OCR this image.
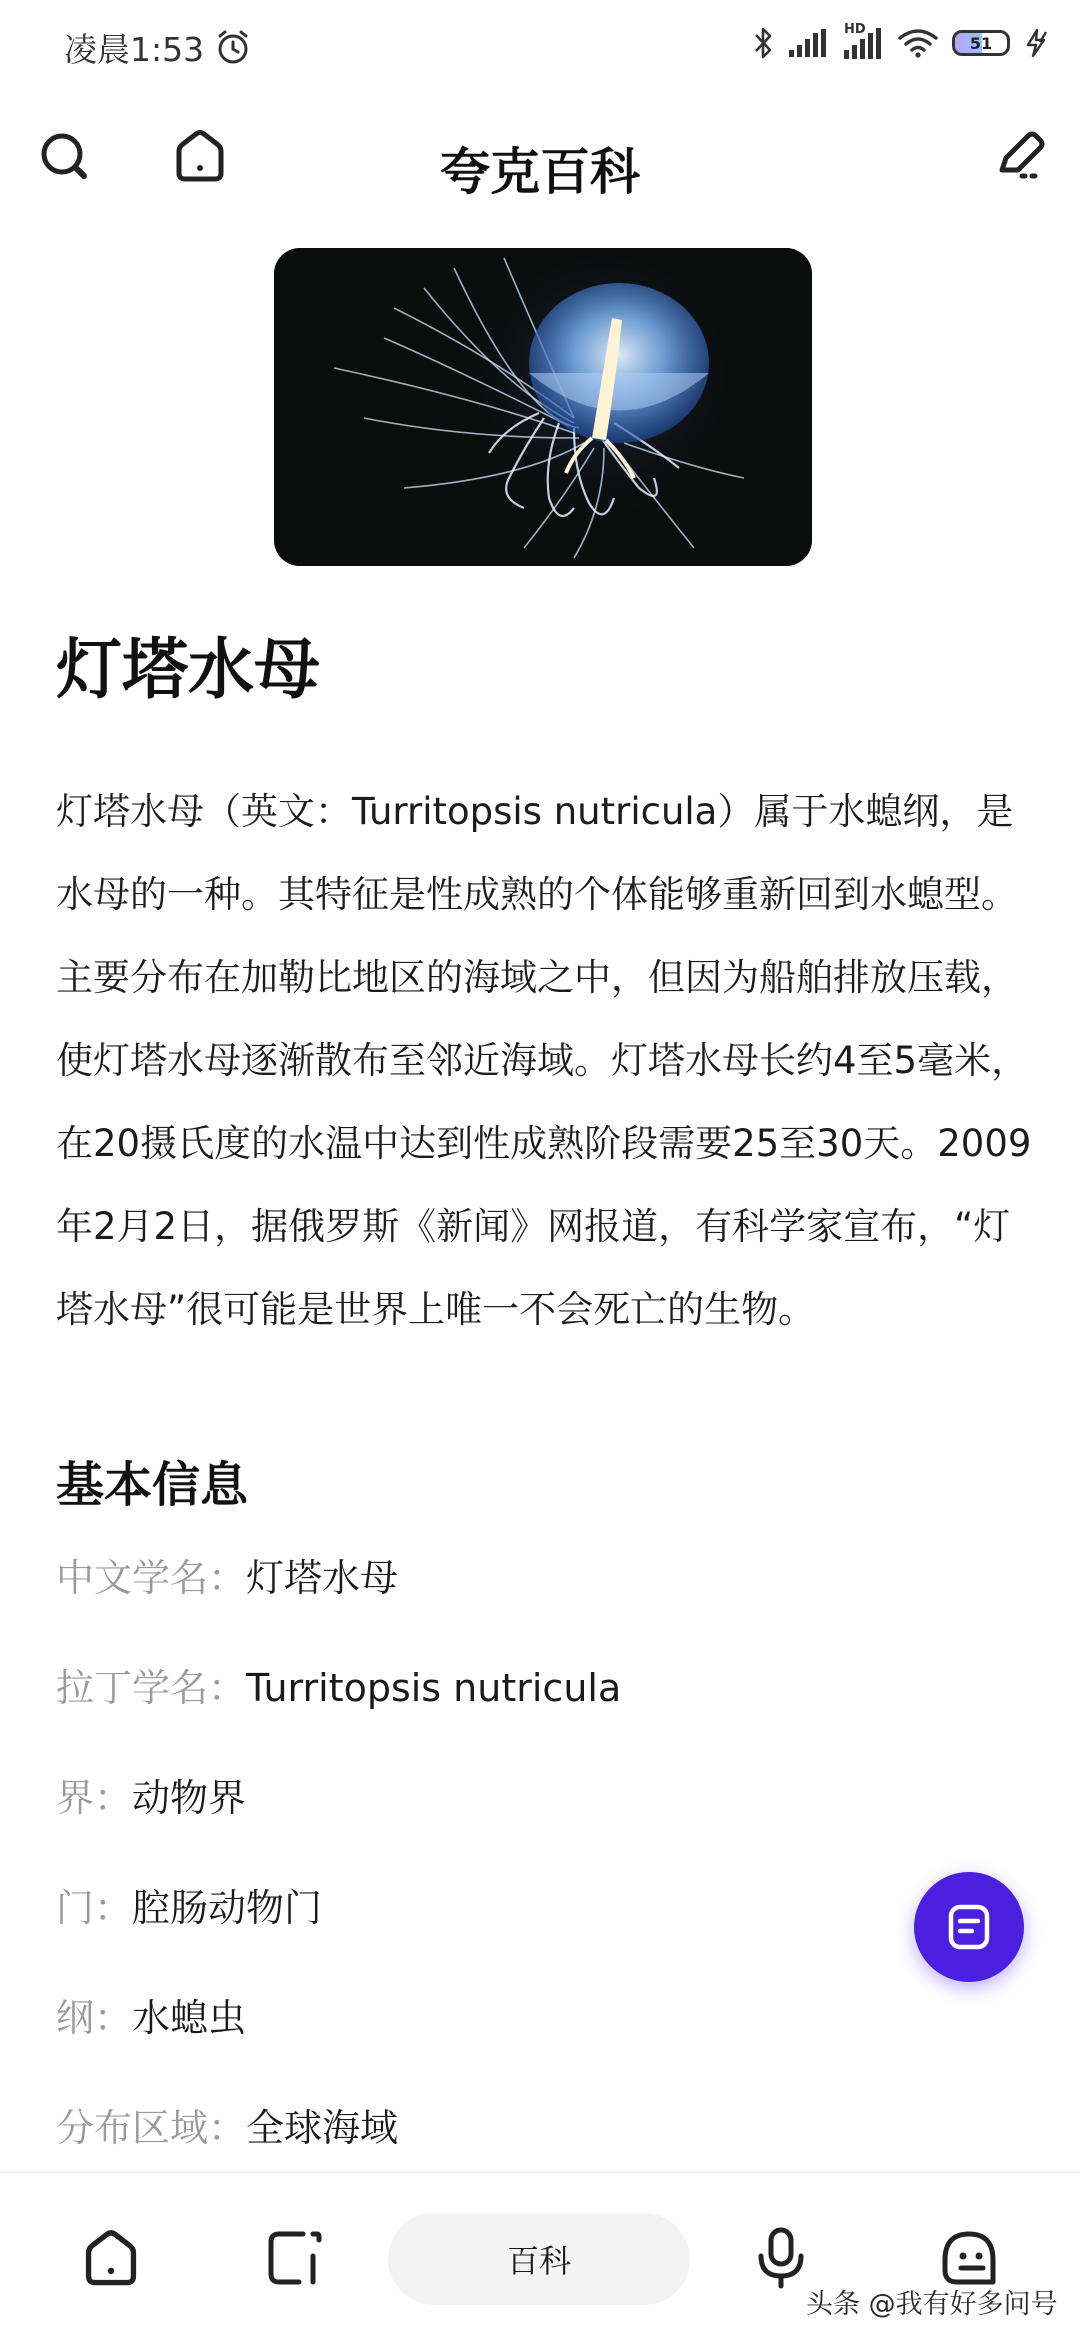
凌晨1:53
HD
51
夸克百科
灯塔水母

灯塔水母（英文：Turritopsis nutricula）属于水螅纲，是水母的一种。其特征是性成熟的个体能够重新回到水螅型。主要分布在加勒比地区的海域之中，但因为船舶排放压载，使灯塔水母逐渐散布至邻近海域。灯塔水母长约4至5毫米，在20摄氏度的水温中达到性成熟阶段需要25至30天。2009年2月2日，据俄罗斯《新闻》网报道，有科学家宣布，“灯塔水母”很可能是世界上唯一不会死亡的生物。

基本信息
中文学名：灯塔水母
拉丁学名：Turritopsis nutricula
界：动物界
门：腔肠动物门
纲：水螅虫
分布区域：全球海域
百科
头条 @我有好多问号
